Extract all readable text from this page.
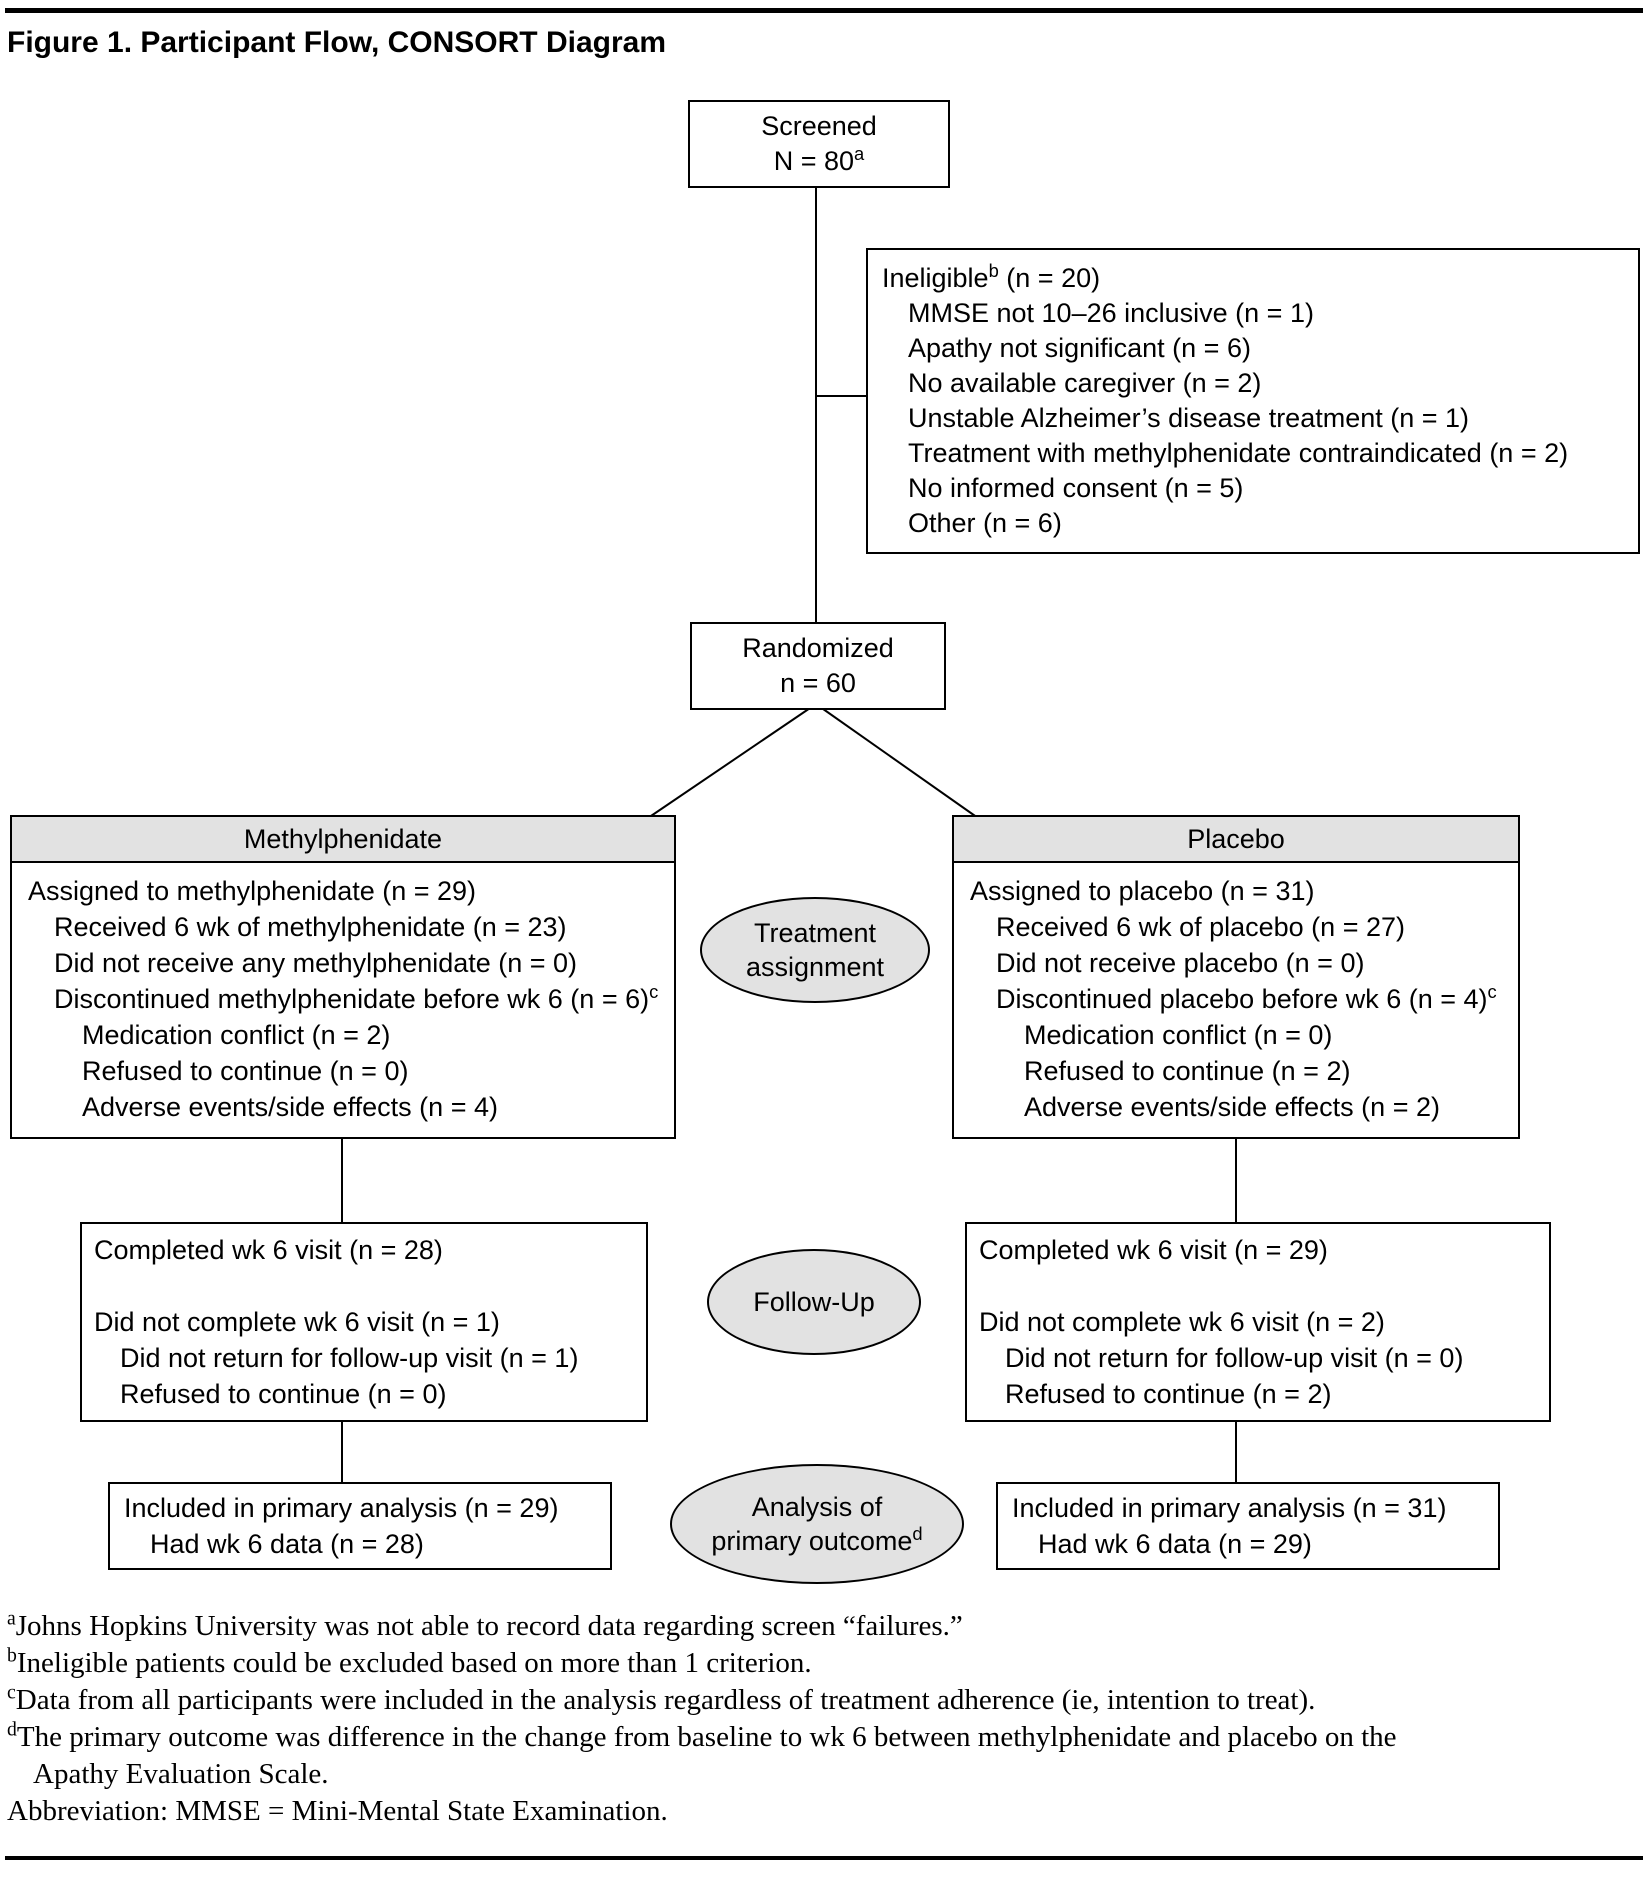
Figure 1. Participant Flow, CONSORT Diagram
Screened
$N = 80^a$
Ineligible$^b$ (n = 20)
MMSE not 10–26 inclusive (n = 1)
Apathy not significant (n = 6)
No available caregiver (n = 2)
Unstable Alzheimer’s disease treatment (n = 1)
Treatment with methylphenidate contraindicated (n = 2)
No informed consent (n = 5)
Other (n = 6)
Randomized
n = 60
Methylphenidate
Assigned to methylphenidate (n = 29)
Received 6 wk of methylphenidate (n = 23)
Did not receive any methylphenidate (n = 0)
Discontinued methylphenidate before wk 6 (n = 6)$^c$
Medication conflict (n = 2)
Refused to continue (n = 0)
Adverse events/side effects (n = 4)
Placebo
Assigned to placebo (n = 31)
Received 6 wk of placebo (n = 27)
Did not receive placebo (n = 0)
Discontinued placebo before wk 6 (n = 4)$^c$
Medication conflict (n = 0)
Refused to continue (n = 2)
Adverse events/side effects (n = 2)
Treatment
assignment
Completed wk 6 visit (n = 28)
Did not complete wk 6 visit (n = 1)
Did not return for follow-up visit (n = 1)
Refused to continue (n = 0)
Follow-Up
Completed wk 6 visit (n = 29)
Did not complete wk 6 visit (n = 2)
Did not return for follow-up visit (n = 0)
Refused to continue (n = 2)
Included in primary analysis (n = 29)
Had wk 6 data (n = 28)
Analysis of
primary outcome$^d$
Included in primary analysis (n = 31)
Had wk 6 data (n = 29)
$^a$Johns Hopkins University was not able to record data regarding screen “failures.”
$^b$Ineligible patients could be excluded based on more than 1 criterion.
$^c$Data from all participants were included in the analysis regardless of treatment adherence (ie, intention to treat).
$^d$The primary outcome was difference in the change from baseline to wk 6 between methylphenidate and placebo on the
Apathy Evaluation Scale.
Abbreviation: MMSE = Mini-Mental State Examination.
